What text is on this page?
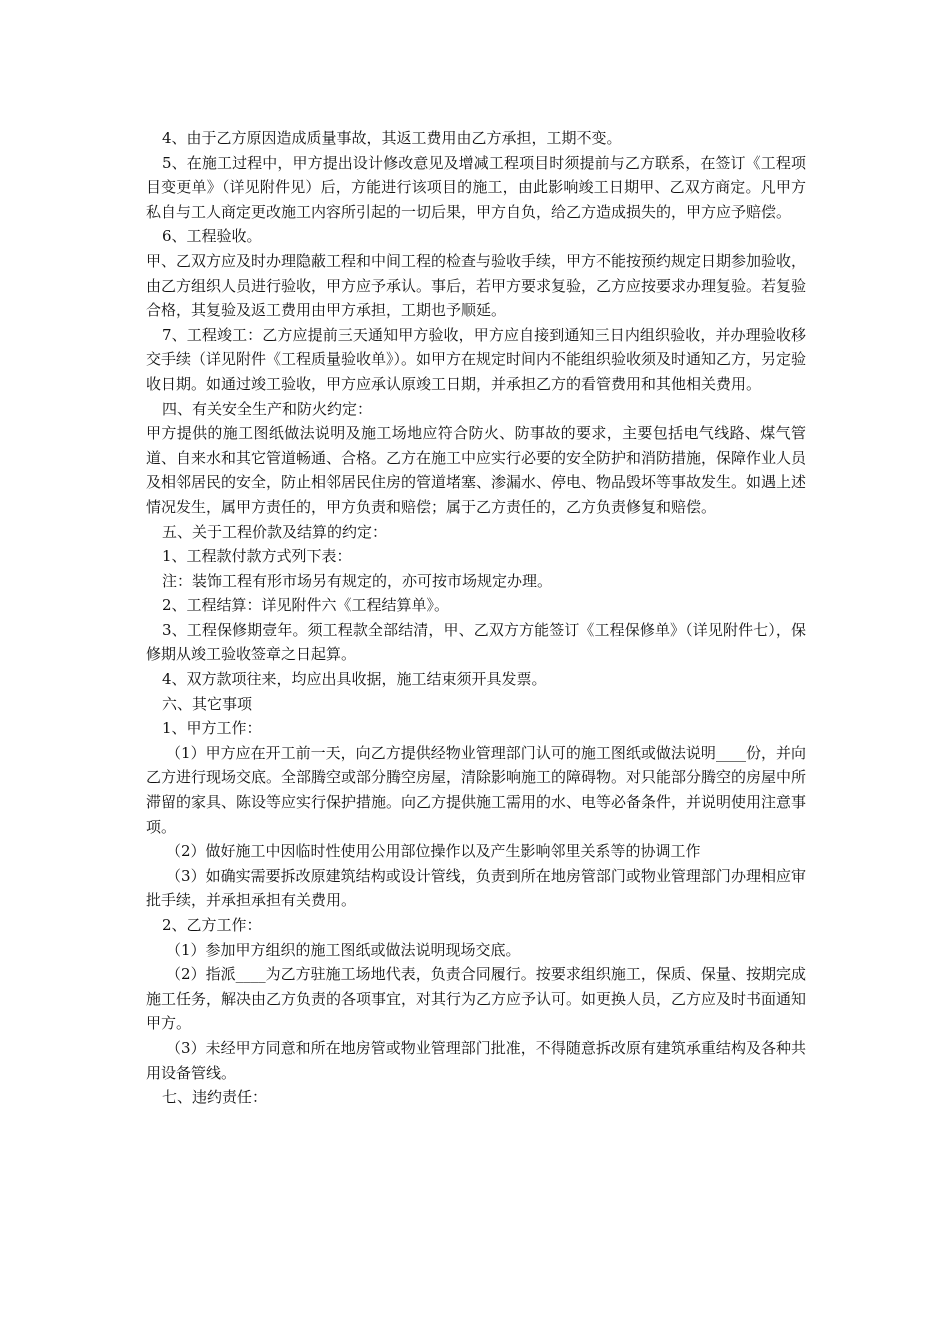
4、由于乙方原因造成质量事故，其返工费用由乙方承担，工期不变。

5、在施工过程中，甲方提出设计修改意见及增减工程项目时须提前与乙方联系，在签订《工程项目变更单》（详见附件见）后，方能进行该项目的施工，由此影响竣工日期甲、乙双方商定。凡甲方私自与工人商定更改施工内容所引起的一切后果，甲方自负，给乙方造成损失的，甲方应予赔偿。

6、工程验收。

甲、乙双方应及时办理隐蔽工程和中间工程的检查与验收手续，甲方不能按预约规定日期参加验收，由乙方组织人员进行验收，甲方应予承认。事后，若甲方要求复验，乙方应按要求办理复验。若复验合格，其复验及返工费用由甲方承担，工期也予顺延。

7、工程竣工：乙方应提前三天通知甲方验收，甲方应自接到通知三日内组织验收，并办理验收移交手续（详见附件《工程质量验收单》）。如甲方在规定时间内不能组织验收须及时通知乙方，另定验收日期。如通过竣工验收，甲方应承认原竣工日期，并承担乙方的看管费用和其他相关费用。

四、有关安全生产和防火约定：

甲方提供的施工图纸做法说明及施工场地应符合防火、防事故的要求，主要包括电气线路、煤气管道、自来水和其它管道畅通、合格。乙方在施工中应实行必要的安全防护和消防措施，保障作业人员及相邻居民的安全，防止相邻居民住房的管道堵塞、渗漏水、停电、物品毁坏等事故发生。如遇上述情况发生，属甲方责任的，甲方负责和赔偿；属于乙方责任的，乙方负责修复和赔偿。

五、关于工程价款及结算的约定：

1、工程款付款方式列下表：

注：装饰工程有形市场另有规定的，亦可按市场规定办理。

2、工程结算：详见附件六《工程结算单》。

3、工程保修期壹年。须工程款全部结清，甲、乙双方方能签订《工程保修单》（详见附件七），保修期从竣工验收签章之日起算。

4、双方款项往来，均应出具收据，施工结束须开具发票。

六、其它事项

1、甲方工作：

（1）甲方应在开工前一天，向乙方提供经物业管理部门认可的施工图纸或做法说明____份，并向乙方进行现场交底。全部腾空或部分腾空房屋，清除影响施工的障碍物。对只能部分腾空的房屋中所滞留的家具、陈设等应实行保护措施。向乙方提供施工需用的水、电等必备条件，并说明使用注意事项。

（2）做好施工中因临时性使用公用部位操作以及产生影响邻里关系等的协调工作

（3）如确实需要拆改原建筑结构或设计管线，负责到所在地房管部门或物业管理部门办理相应审批手续，并承担承担有关费用。

2、乙方工作：

（1）参加甲方组织的施工图纸或做法说明现场交底。

（2）指派____为乙方驻施工场地代表，负责合同履行。按要求组织施工，保质、保量、按期完成施工任务，解决由乙方负责的各项事宜，对其行为乙方应予认可。如更换人员，乙方应及时书面通知甲方。

（3）未经甲方同意和所在地房管或物业管理部门批准，不得随意拆改原有建筑承重结构及各种共用设备管线。

七、违约责任：
